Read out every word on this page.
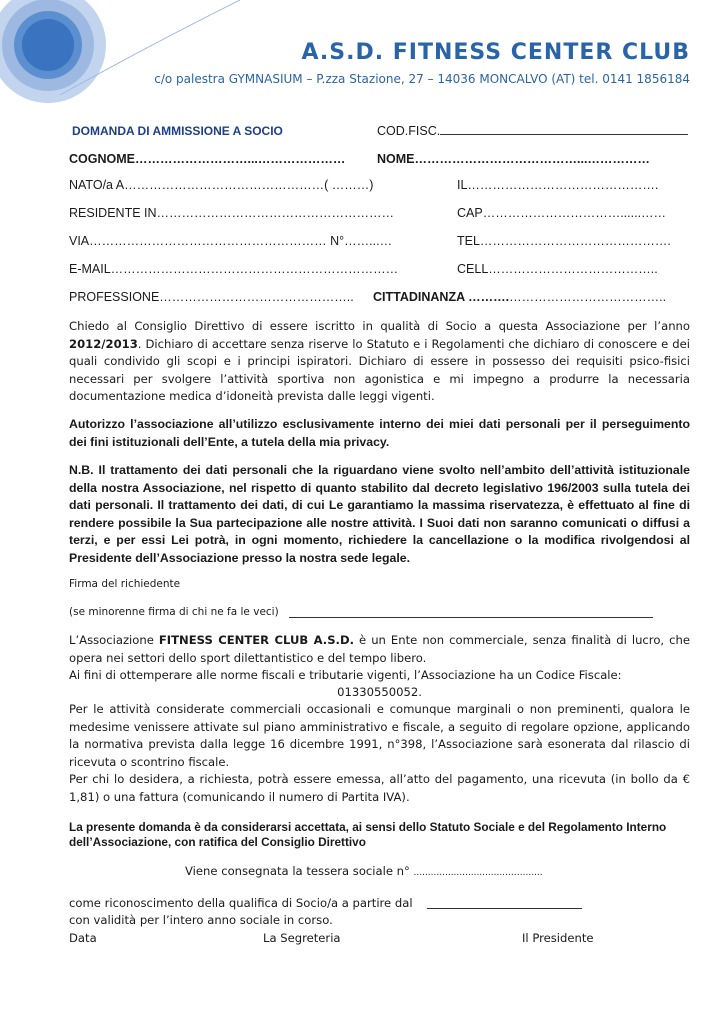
A.S.D. FITNESS CENTER CLUB
c/o palestra GYMNASIUM – P.zza Stazione, 27 – 14036 MONCALVO (AT) tel. 0141 1856184
DOMANDA DI AMMISSIONE A SOCIO	COD.FISC.
COGNOME………………………...…………………	NOME…………………………………...……………
NATO/a A…………………………………………( ………)	IL……………………………………….
RESIDENTE IN…………………………………………………	CAP……………………………......……
VIA………………………………………………… N°……...…	TEL……………………………………….
E-MAIL……………………………………………………………	CELL…………………………………..
PROFESSIONE……………………………………….. CITTADINANZA ……….………………………………..
Chiedo al Consiglio Direttivo di essere iscritto in qualità di Socio a questa Associazione per l’anno 2012/2013. Dichiaro di accettare senza riserve lo Statuto e i Regolamenti che dichiaro di conoscere e dei quali condivido gli scopi e i principi ispiratori. Dichiaro di essere in possesso dei requisiti psico-fisici necessari per svolgere l’attività sportiva non agonistica e mi impegno a produrre la necessaria documentazione medica d’idoneità prevista dalle leggi vigenti.
Autorizzo l’associazione all’utilizzo esclusivamente interno dei miei dati personali per il perseguimento dei fini istituzionali dell’Ente, a tutela della mia privacy.
N.B. Il trattamento dei dati personali che la riguardano viene svolto nell’ambito dell’attività istituzionale della nostra Associazione, nel rispetto di quanto stabilito dal decreto legislativo 196/2003 sulla tutela dei dati personali. Il trattamento dei dati, di cui Le garantiamo la massima riservatezza, è effettuato al fine di rendere possibile la Sua partecipazione alle nostre attività. I Suoi dati non saranno comunicati o diffusi a terzi, e per essi Lei potrà, in ogni momento, richiedere la cancellazione o la modifica rivolgendosi al Presidente dell’Associazione presso la nostra sede legale.
Firma del richiedente
(se minorenne firma di chi ne fa le veci)
L’Associazione FITNESS CENTER CLUB A.S.D. è un Ente non commerciale, senza finalità di lucro, che opera nei settori dello sport dilettantistico e del tempo libero.
Ai fini di ottemperare alle norme fiscali e tributarie vigenti, l’Associazione ha un Codice Fiscale:
01330550052.
Per le attività considerate commerciali occasionali e comunque marginali o non preminenti, qualora le medesime venissere attivate sul piano amministrativo e fiscale, a seguito di regolare opzione, applicando la normativa prevista dalla legge 16 dicembre 1991, n°398, l’Associazione sarà esonerata dal rilascio di ricevuta o scontrino fiscale.
Per chi lo desidera, a richiesta, potrà essere emessa, all’atto del pagamento, una ricevuta (in bollo da € 1,81) o una fattura (comunicando il numero di Partita IVA).
La presente domanda è da considerarsi accettata, ai sensi dello Statuto Sociale e del Regolamento Interno dell’Associazione, con ratifica del Consiglio Direttivo
Viene consegnata la tessera sociale n° ..................................…........
come riconoscimento della qualifica di Socio/a a partire dal
con validità per l’intero anno sociale in corso.
Data	La Segreteria	Il Presidente
